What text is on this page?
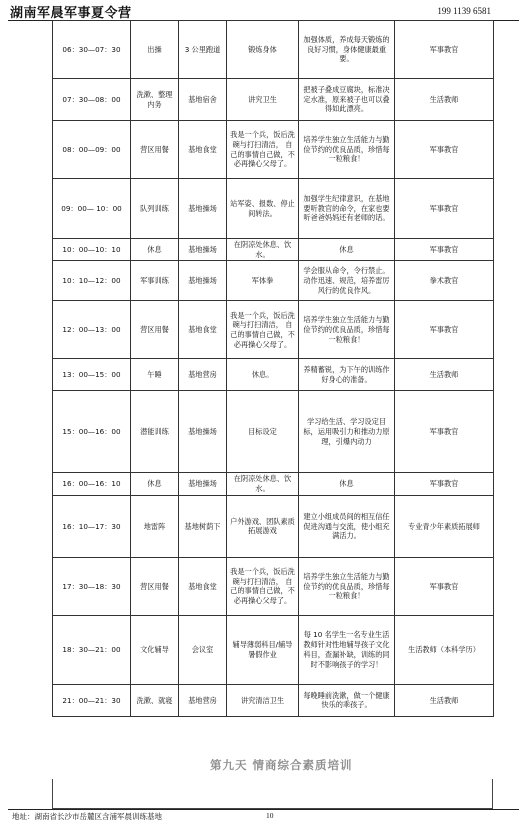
湖南军晨军事夏令营	199 1139 6581
06：30—07：30	出操	3 公里跑道	锻炼身体	加强体质，养成每天锻炼的良好习惯，身体健康最重要。	军事教官
07：30—08：00	洗漱、整理内务	基地宿舍	讲究卫生	把被子叠成豆腐块，标准决定水准，原来被子也可以叠得如此漂亮。	生活教师
08：00—09：00	营区用餐	基地食堂	我是一个兵，饭后洗碗与打扫清洁， 自己的事情自己做，不必再操心父母了。	培养学生独立生活能力与勤俭节约的优良品质，珍惜每一粒粮食！	军事教官
09：00— 10：00	队列训练	基地操场	站军姿、报数、停止间转法。	加强学生纪律意识，在基地要听教官的命令，在家也要听爸爸妈妈还有老师的话。	军事教官
10：00—10：10	休息	基地操场	在阴凉处休息、饮水。	休息	军事教官
10：10—12：00	军事训练	基地操场	军体拳	学会服从命令，令行禁止。动作迅速、规范，培养雷厉风行的优良作风。	拳术教官
12：00—13：00	营区用餐	基地食堂	我是一个兵，饭后洗碗与打扫清洁， 自己的事情自己做，不必再操心父母了。	培养学生独立生活能力与勤俭节约的优良品质，珍惜每一粒粮食！	军事教官
13：00—15：00	午睡	基地营房	休息。	养精蓄锐，为下午的训练作好身心的准备。	生活教师
15：00—16：00	潜能训练	基地操场	目标设定	学习给生活、学习设定目标，运用吸引力和推动力原理，引爆内动力	军事教官
16：00—16：10	休息	基地操场	在阴凉处休息、饮水。	休息	军事教官
16：10—17：30	地雷阵	基地树荫下	户外游戏、团队素质拓展游戏	建立小组成员间的相互信任促进沟通与交流，使小组充满活力。	专业青少年素质拓展师
17：30—18：30	营区用餐	基地食堂	我是一个兵，饭后洗碗与打扫清洁， 自己的事情自己做，不必再操心父母了。	培养学生独立生活能力与勤俭节约的优良品质，珍惜每一粒粮食！	军事教官
18：30—21：00	文化辅导	会议室	辅导薄弱科目/辅导暑假作业	每 10 名学生一名专业生活教师针对性地辅导孩子文化科目，查漏补缺，训练的同时不影响孩子的学习！	生活教师（本科学历）
21：00—21：30	洗漱、就寝	基地营房	讲究清洁卫生	每晚睡前洗漱，做一个健康快乐的乖孩子。	生活教师
第九天 情商综合素质培训
地址：湖南省长沙市岳麓区含浦军晨训练基地	10
